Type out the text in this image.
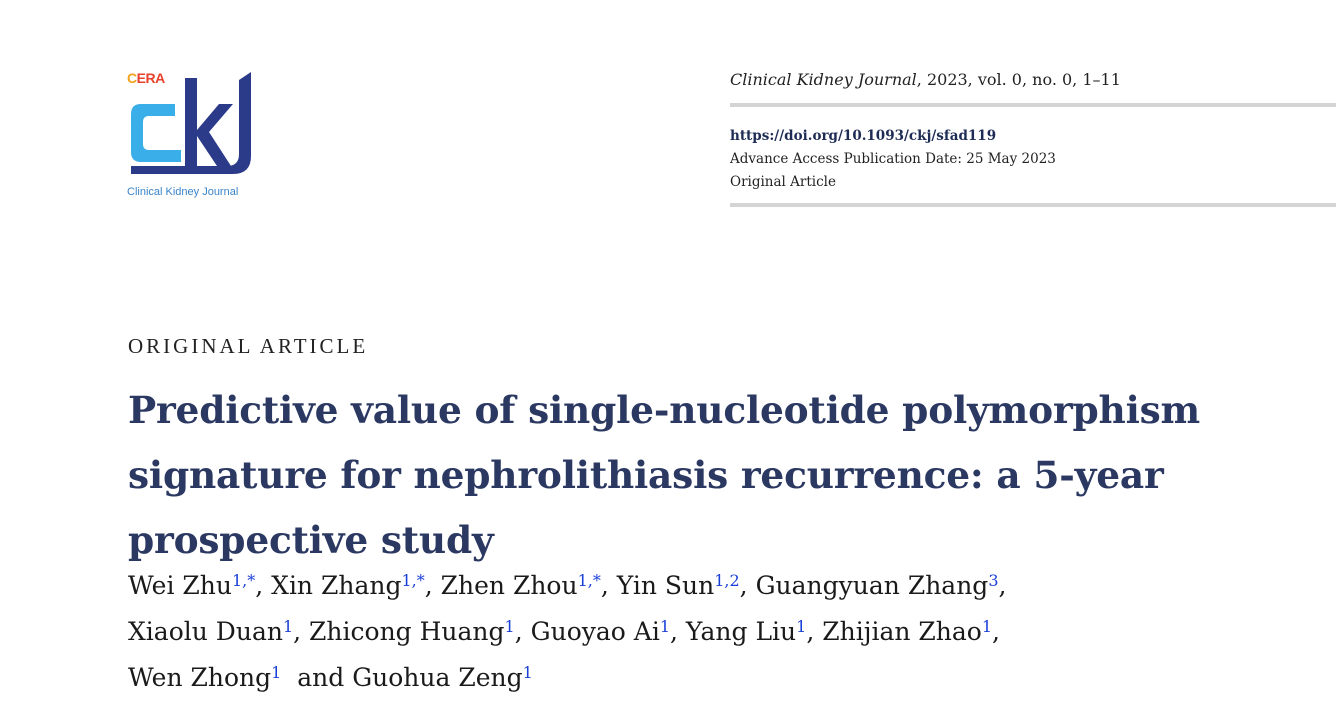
CERA
Clinical Kidney Journal
Clinical Kidney Journal, 2023, vol. 0, no. 0, 1–11
https://doi.org/10.1093/ckj/sfad119
Advance Access Publication Date: 25 May 2023
Original Article
ORIGINAL ARTICLE
Predictive value of single-nucleotide polymorphism signature for nephrolithiasis recurrence: a 5-year prospective study
Wei Zhu$^{1,*}$, Xin Zhang$^{1,*}$, Zhen Zhou$^{1,*}$, Yin Sun$^{1,2}$, Guangyuan Zhang$^3$,
Xiaolu Duan$^1$, Zhicong Huang$^1$, Guoyao Ai$^1$, Yang Liu$^1$, Zhijian Zhao$^1$,
Wen Zhong$^1$  and Guohua Zeng$^1$
